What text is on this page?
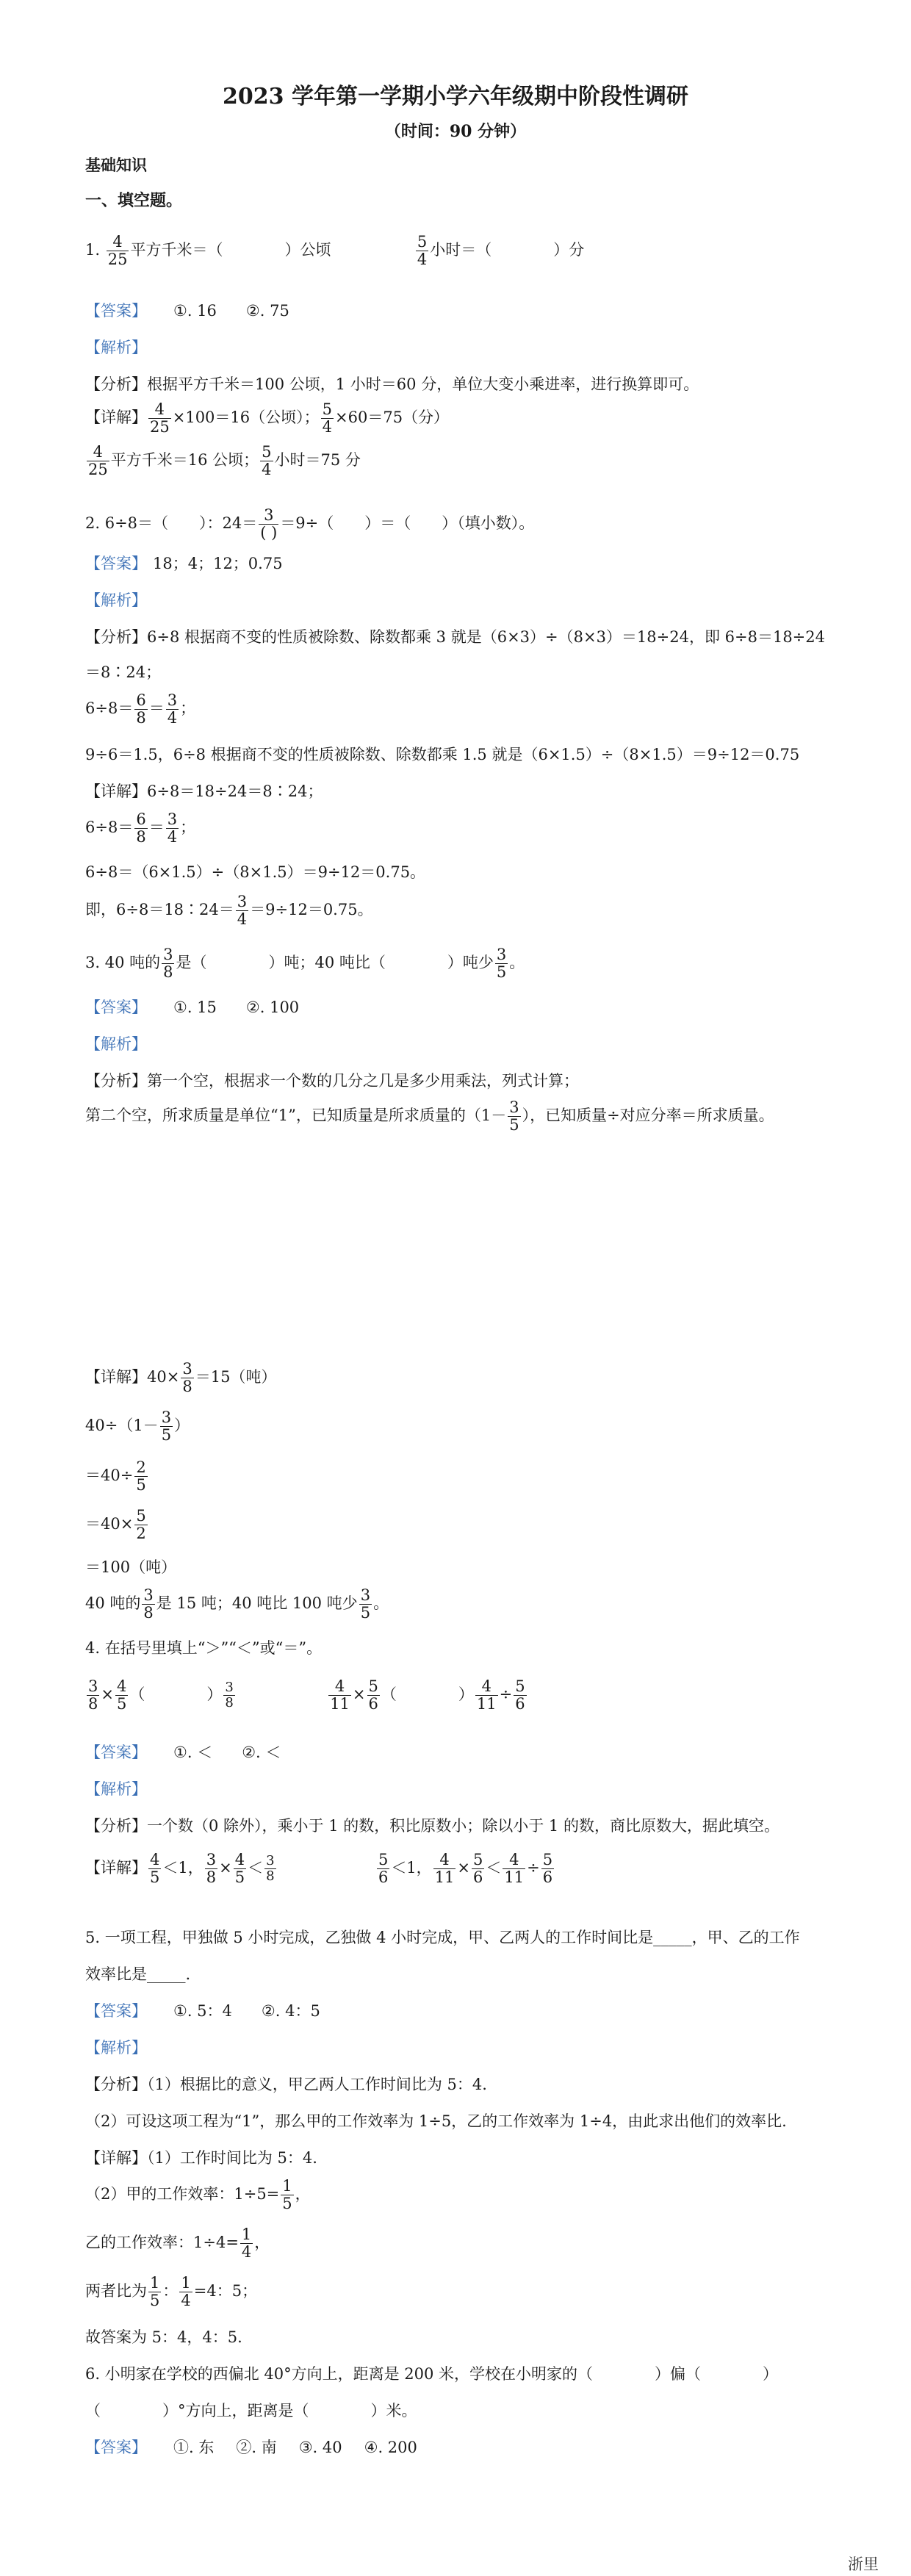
2023 学年第一学期小学六年级期中阶段性调研
（时间：90 分钟）
基础知识
一、填空题。
1. $\frac{4}{25}$ 平方千米＝（　　　　）公顷	$\frac{5}{4}$ 小时＝（　　　　）分
【答案】 ①. 16 ②. 75
【解析】
【分析】根据平方千米＝100 公顷，1 小时＝60 分，单位大变小乘进率，进行换算即可。
【详解】 $\frac{4}{25} \times 100=16$（公顷）； $\frac{5}{4} \times 60=75$（分）
$\frac{4}{25}$ 平方千米＝16 公顷； $\frac{5}{4}$ 小时＝75 分
2. 6÷8＝（　　）：$24= \frac{3}{( )} =9\div$（　　）＝（　　）（填小数）。
【答案】 18；4；12；0.75
【解析】
【分析】6÷8 根据商不变的性质被除数、除数都乘 3 就是（6×3）÷（8×3）＝18÷24，即 6÷8＝18÷24
＝8∶24；
$6\div 8= \frac{6}{8} = \frac{3}{4}$ ；
9÷6＝1.5，6÷8 根据商不变的性质被除数、除数都乘 1.5 就是（6×1.5）÷（8×1.5）＝9÷12＝0.75
【详解】6÷8＝18÷24＝8∶24；
$6\div 8= \frac{6}{8} = \frac{3}{4}$ ；
6÷8＝（6×1.5）÷（8×1.5）＝9÷12＝0.75。
即，6÷8＝18∶24＝ $\frac{3}{4} =9\div 12=0.75$。
3. 40 吨的 $\frac{3}{8}$ 是（　　　　）吨；40 吨比（　　　　）吨少 $\frac{3}{5}$ 。
【答案】 ①. 15 ②. 100
【解析】
【分析】第一个空，根据求一个数的几分之几是多少用乘法，列式计算；
第二个空，所求质量是单位“1”，已知质量是所求质量的（$1- \frac{3}{5}$ ），已知质量÷对应分率＝所求质量。
【详解】$40\times \frac{3}{8} =15$（吨）
$40\div(1- \frac{3}{5}$ ）
$=40\div \frac{2}{5}$
$=40\times \frac{5}{2}$
＝100（吨）
40 吨的 $\frac{3}{8}$ 是 15 吨；40 吨比 100 吨少 $\frac{3}{5}$ 。
4. 在括号里填上“＞”“＜”或“＝”。
$\frac{3}{8} \times \frac{4}{5}$ （　　　　） $\frac{3}{8}$
	$\frac{4}{11} \times \frac{5}{6}$ （　　　　） $\frac{4}{11} \div \frac{5}{6}$
【答案】 ①. ＜ ②. ＜
【解析】
【分析】一个数（0 除外），乘小于 1 的数，积比原数小；除以小于 1 的数，商比原数大，据此填空。
【详解】 $\frac{4}{5} <1$， $\frac{3}{8} \times \frac{4}{5} < \frac{3}{8}$
	$\frac{5}{6} <1$， $\frac{4}{11} \times \frac{5}{6} < \frac{4}{11} \div \frac{5}{6}$
5. 一项工程，甲独做 5 小时完成，乙独做 4 小时完成，甲、乙两人的工作时间比是_____，甲、乙的工作
效率比是_____.
【答案】 ①. 5：4 ②. 4：5
【解析】
【分析】（1）根据比的意义，甲乙两人工作时间比为 5：4.
（2）可设这项工程为“1”，那么甲的工作效率为 1÷5，乙的工作效率为 1÷4，由此求出他们的效率比.
【详解】（1）工作时间比为 5：4.
（2）甲的工作效率：$1\div 5= \frac{1}{5}$ ，
乙的工作效率：$1\div 4= \frac{1}{4}$ ，
两者比为 $\frac{1}{5}$ ： $\frac{1}{4} =4$：5；
故答案为 5：4，4：5.
6. 小明家在学校的西偏北 40°方向上，距离是 200 米，学校在小明家的（　　　　）偏（　　　　）
（　　　　）°方向上，距离是（　　　　）米。
【答案】 ①. 东 ②. 南 ③. 40 ④. 200
浙里
